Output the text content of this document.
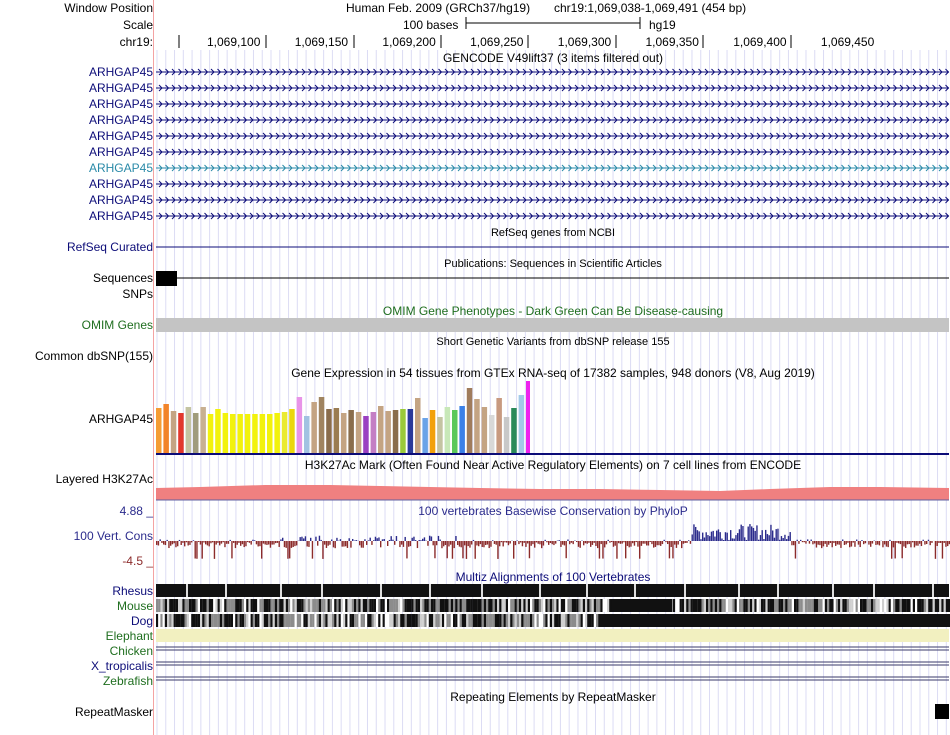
Window Position
Scale
chr19:
Human Feb. 2009 (GRCh37/hg19) chr19:1,069,038-1,069,491 (454 bp)
100 bases	hg19
1,069,100	1,069,150	1,069,200	1,069,250	1,069,300	1,069,350	1,069,400	1,069,450
GENCODE V49lift37 (3 items filtered out)
ARHGAP45
ARHGAP45
ARHGAP45
ARHGAP45
ARHGAP45
ARHGAP45
ARHGAP45
ARHGAP45
ARHGAP45
ARHGAP45
RefSeq genes from NCBI
RefSeq Curated
Publications: Sequences in Scientific Articles
Sequences
SNPs
OMIM Gene Phenotypes - Dark Green Can Be Disease-causing
OMIM Genes
Short Genetic Variants from dbSNP release 155
Common dbSNP(155)
Gene Expression in 54 tissues from GTEx RNA-seq of 17382 samples, 948 donors (V8, Aug 2019)
ARHGAP45
H3K27Ac Mark (Often Found Near Active Regulatory Elements) on 7 cell lines from ENCODE
Layered H3K27Ac
100 vertebrates Basewise Conservation by PhyloP
4.88 _
100 Vert. Cons
-4.5 _
Multiz Alignments of 100 Vertebrates
Rhesus
Mouse
Dog
Elephant
Chicken
X_tropicalis
Zebrafish
Repeating Elements by RepeatMasker
RepeatMasker
